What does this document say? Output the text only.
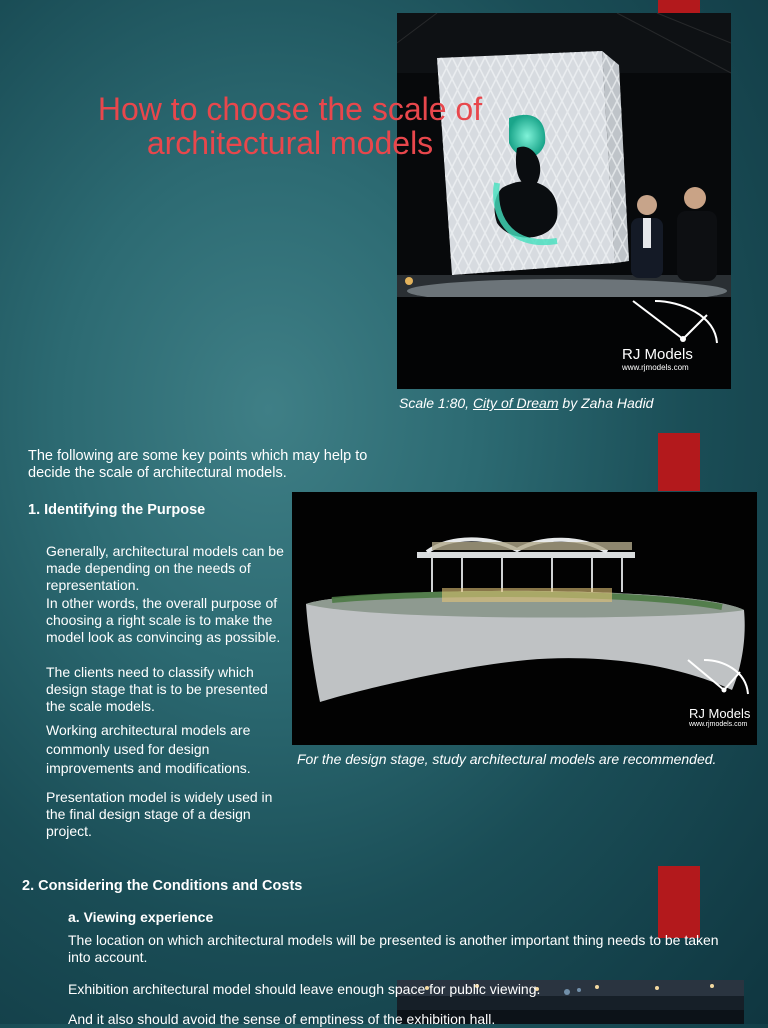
RJ Models
www.rjmodels.com
How to choose the scale of
architectural models
Scale 1:80, City of Dream by Zaha Hadid
The following are some key points which may help to decide the scale of architectural models.
1. Identifying the Purpose
Generally, architectural models can be made depending on the needs of representation.
In other words, the overall purpose of choosing a right scale is to make the model look as convincing as possible.
The clients need to classify which design stage that is to be presented the scale models.
Working architectural models are commonly used for design improvements and modifications.
Presentation model is widely used in the final design stage of a design project.
RJ Models
www.rjmodels.com
For the design stage, study architectural models are recommended.
2. Considering the Conditions and Costs
a. Viewing experience
The location on which architectural models will be presented is another important thing needs to be taken into account.
Exhibition architectural model should leave enough space for public viewing.
And it also should avoid the sense of emptiness of the exhibition hall.
